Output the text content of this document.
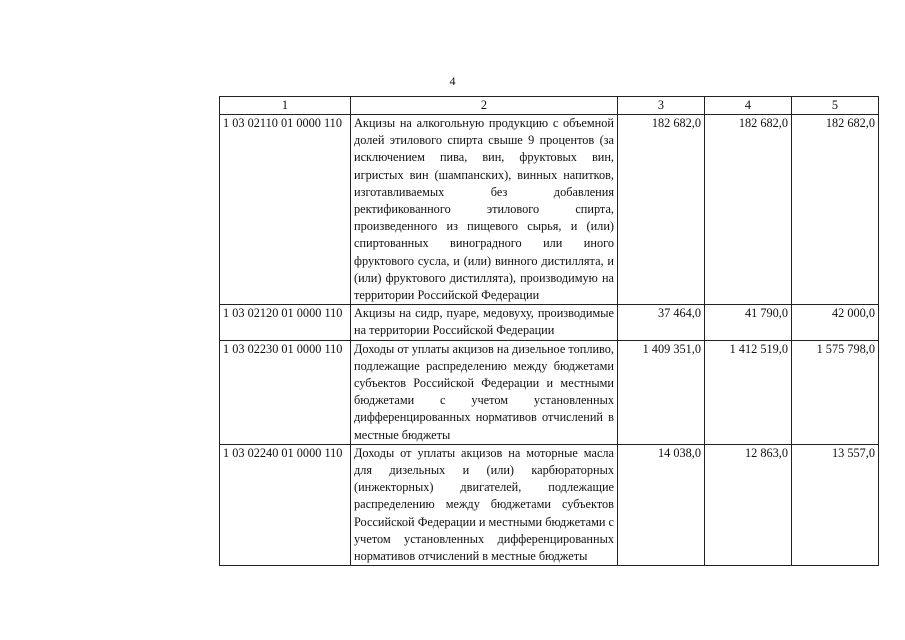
4
1	2	3	4	5
1 03 02110 01 0000 110	Акцизы на алкогольную продукцию с объемной долей этилового спирта свыше 9 процентов (за исключением пива, вин, фруктовых вин, игристых вин (шампанских), винных напитков, изготавливаемых без добавления ректификованного этилового спирта, произведенного из пищевого сырья, и (или) спиртованных виноградного или иного фруктового сусла, и (или) винного дистиллята, и (или) фруктового дистиллята), производимую на территории Российской Федерации	182 682,0	182 682,0	182 682,0
1 03 02120 01 0000 110	Акцизы на сидр, пуаре, медовуху, производимые на территории Российской Федерации	37 464,0	41 790,0	42 000,0
1 03 02230 01 0000 110	Доходы от уплаты акцизов на дизельное топливо, подлежащие распределению между бюджетами субъектов Российской Федерации и местными бюджетами с учетом установленных дифференцированных нормативов отчислений в местные бюджеты	1 409 351,0	1 412 519,0	1 575 798,0
1 03 02240 01 0000 110	Доходы от уплаты акцизов на моторные масла для дизельных и (или) карбюраторных (инжекторных) двигателей, подлежащие распределению между бюджетами субъектов Российской Федерации и местными бюджетами с учетом установленных дифференцированных нормативов отчислений в местные бюджеты	14 038,0	12 863,0	13 557,0
